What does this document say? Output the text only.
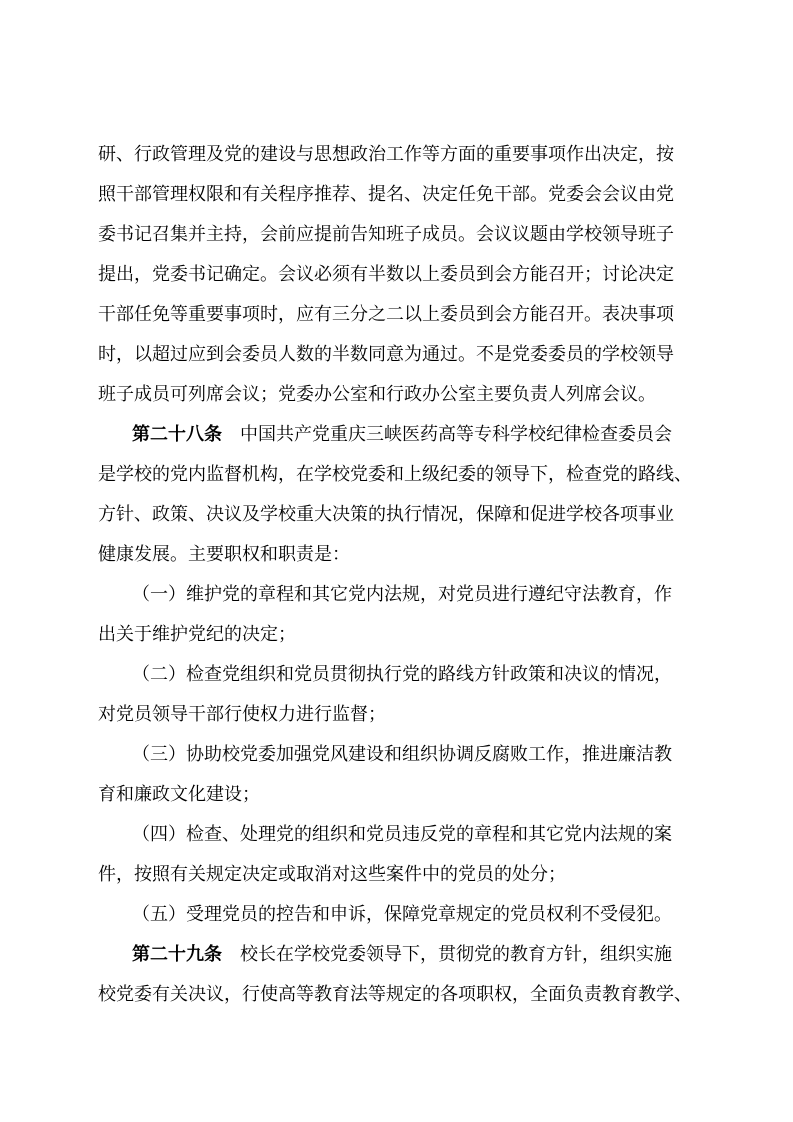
研、行政管理及党的建设与思想政治工作等方面的重要事项作出决定，按
照干部管理权限和有关程序推荐、提名、决定任免干部。党委会会议由党
委书记召集并主持，会前应提前告知班子成员。会议议题由学校领导班子
提出，党委书记确定。会议必须有半数以上委员到会方能召开；讨论决定
干部任免等重要事项时，应有三分之二以上委员到会方能召开。表决事项
时，以超过应到会委员人数的半数同意为通过。不是党委委员的学校领导
班子成员可列席会议；党委办公室和行政办公室主要负责人列席会议。
第二十八条　中国共产党重庆三峡医药高等专科学校纪律检查委员会
是学校的党内监督机构，在学校党委和上级纪委的领导下，检查党的路线、
方针、政策、决议及学校重大决策的执行情况，保障和促进学校各项事业
健康发展。主要职权和职责是：
（一）维护党的章程和其它党内法规，对党员进行遵纪守法教育，作
出关于维护党纪的决定；
（二）检查党组织和党员贯彻执行党的路线方针政策和决议的情况，
对党员领导干部行使权力进行监督；
（三）协助校党委加强党风建设和组织协调反腐败工作，推进廉洁教
育和廉政文化建设；
（四）检查、处理党的组织和党员违反党的章程和其它党内法规的案
件，按照有关规定决定或取消对这些案件中的党员的处分；
（五）受理党员的控告和申诉，保障党章规定的党员权利不受侵犯。
第二十九条　校长在学校党委领导下，贯彻党的教育方针，组织实施
校党委有关决议，行使高等教育法等规定的各项职权，全面负责教育教学、
